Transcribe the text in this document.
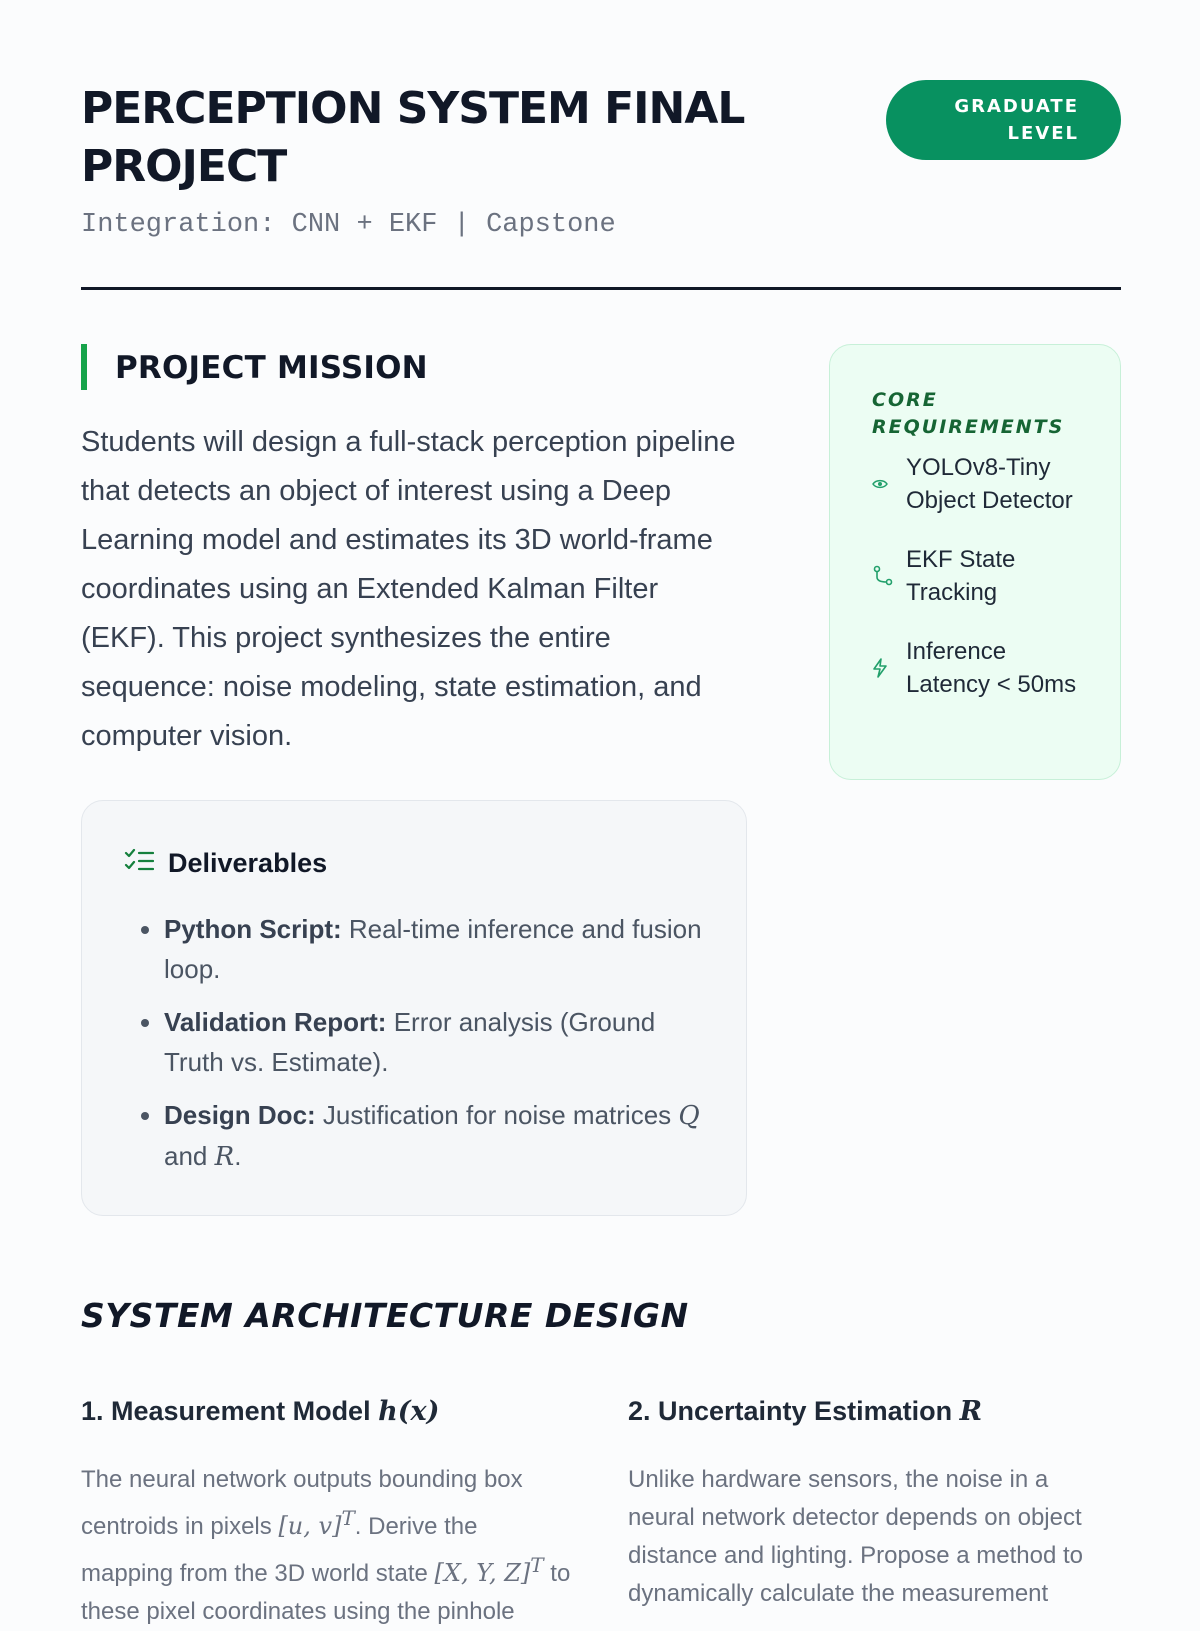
PERCEPTION SYSTEM FINAL PROJECT
Integration: CNN + EKF | Capstone
GRADUATE LEVEL
PROJECT MISSION

Students will design a full-stack perception pipeline that detects an object of interest using a Deep Learning model and estimates its 3D world-frame coordinates using an Extended Kalman Filter (EKF). This project synthesizes the entire sequence: noise modeling, state estimation, and computer vision.

CORE REQUIREMENTS
YOLOv8-Tiny Object Detector
EKF State Tracking
Inference Latency < 50ms
Deliverables
• Python Script: Real-time inference and fusion loop.
• Validation Report: Error analysis (Ground Truth vs. Estimate).
• Design Doc: Justification for noise matrices Q and R.
SYSTEM ARCHITECTURE DESIGN
1. Measurement Model h(x)

The neural network outputs bounding box centroids in pixels [u, v]$^T$. Derive the mapping from the 3D world state [X, Y, Z]$^T$ to these pixel coordinates using the pinhole

2. Uncertainty Estimation R

Unlike hardware sensors, the noise in a neural network detector depends on object distance and lighting. Propose a method to dynamically calculate the measurement
